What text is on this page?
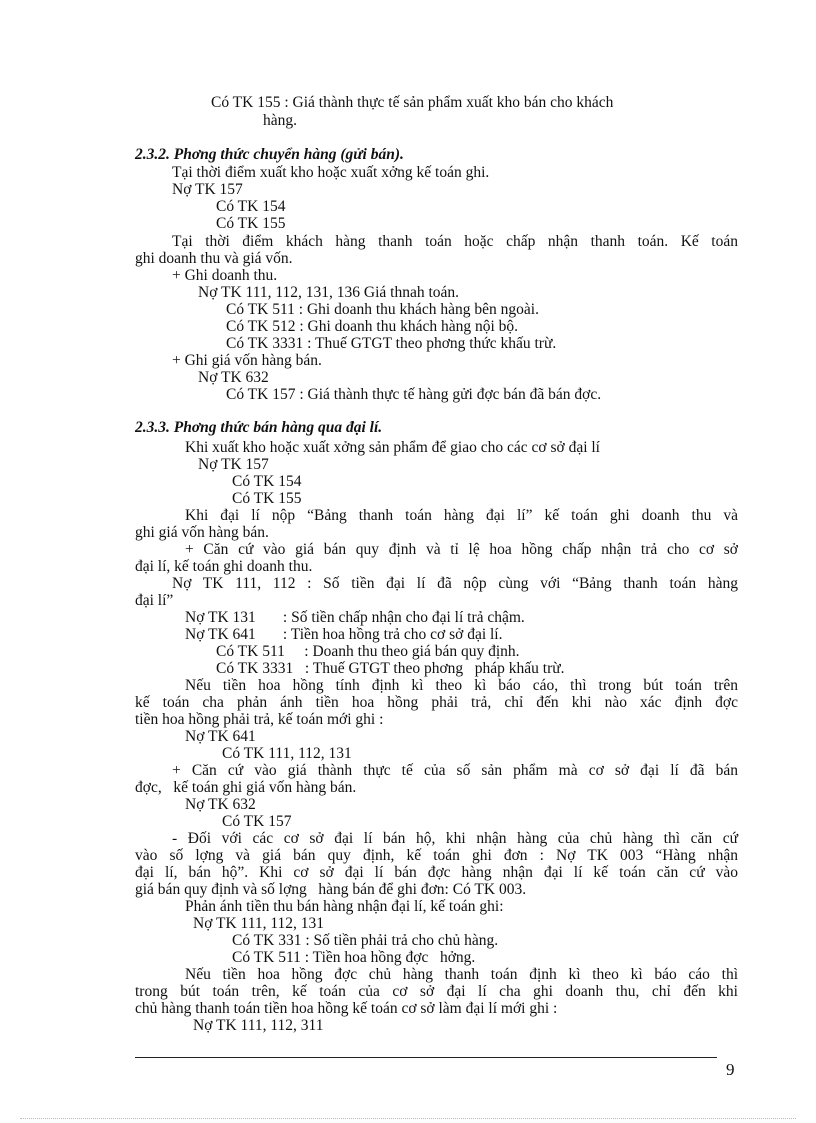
Có TK 155 : Giá thành thực tế sản phẩm xuất kho bán cho khách
hàng.
2.3.2. Phơng thức chuyển hàng (gửi bán).
Tại thời điểm xuất kho hoặc xuất xởng kế toán ghi.
Nợ TK 157
Có TK 154
Có TK 155
Tại thời điểm khách hàng thanh toán hoặc chấp nhận thanh toán. Kế toán
ghi doanh thu và giá vốn.
+ Ghi doanh thu.
Nợ TK 111, 112, 131, 136 Giá thnah toán.
Có TK 511 : Ghi doanh thu khách hàng bên ngoài.
Có TK 512 : Ghi doanh thu khách hàng nội bộ.
Có TK 3331 : Thuế GTGT theo phơng thức khấu trừ.
+ Ghi giá vốn hàng bán.
Nợ TK 632
Có TK 157 : Giá thành thực tế hàng gửi đợc bán đã bán đợc.
2.3.3. Phơng thức bán hàng qua đại lí.
Khi xuất kho hoặc xuất xởng sản phẩm để giao cho các cơ sở đại lí
Nợ TK 157
Có TK 154
Có TK 155
Khi đại lí nộp “Bảng thanh toán hàng đại lí” kế toán ghi doanh thu và
ghi giá vốn hàng bán.
+ Căn cứ vào giá bán quy định và tỉ lệ hoa hồng chấp nhận trả cho cơ sở
đại lí, kế toán ghi doanh thu.
Nợ TK 111, 112 : Số tiền đại lí đã nộp cùng với “Bảng thanh toán hàng
đại lí”
Nợ TK 131       : Số tiền chấp nhận cho đại lí trả chậm.
Nợ TK 641       : Tiền hoa hồng trả cho cơ sở đại lí.
Có TK 511     : Doanh thu theo giá bán quy định.
Có TK 3331   : Thuế GTGT theo phơng   pháp khấu trừ.
Nếu tiền hoa hồng tính định kì theo kì báo cáo, thì trong bút toán trên
kế toán cha phản ánh tiền hoa hồng phải trả, chỉ đến khi nào xác định đợc
tiền hoa hồng phải trả, kế toán mới ghi :
Nợ TK 641
Có TK 111, 112, 131
+ Căn cứ vào giá thành thực tế của số sản phẩm mà cơ sở đại lí đã bán
đợc,   kế toán ghi giá vốn hàng bán.
Nợ TK 632
Có TK 157
- Đối với các cơ sở đại lí bán hộ, khi nhận hàng của chủ hàng thì căn cứ
vào số lợng và giá bán quy định, kế toán ghi đơn : Nợ TK 003 “Hàng nhận
đại lí, bán hộ”. Khi cơ sở đại lí bán đợc hàng nhận đại lí kế toán căn cứ vào
giá bán quy định và số lợng   hàng bán để ghi đơn: Có TK 003.
Phản ánh tiền thu bán hàng nhận đại lí, kế toán ghi:
Nợ TK 111, 112, 131
Có TK 331 : Số tiền phải trả cho chủ hàng.
Có TK 511 : Tiền hoa hồng đợc   hởng.
Nếu tiền hoa hồng đợc chủ hàng thanh toán định kì theo kì báo cáo thì
trong bút toán trên, kế toán của cơ sở đại lí cha ghi doanh thu, chỉ đến khi
chủ hàng thanh toán tiền hoa hồng kế toán cơ sở làm đại lí mới ghi :
Nợ TK 111, 112, 311
9
